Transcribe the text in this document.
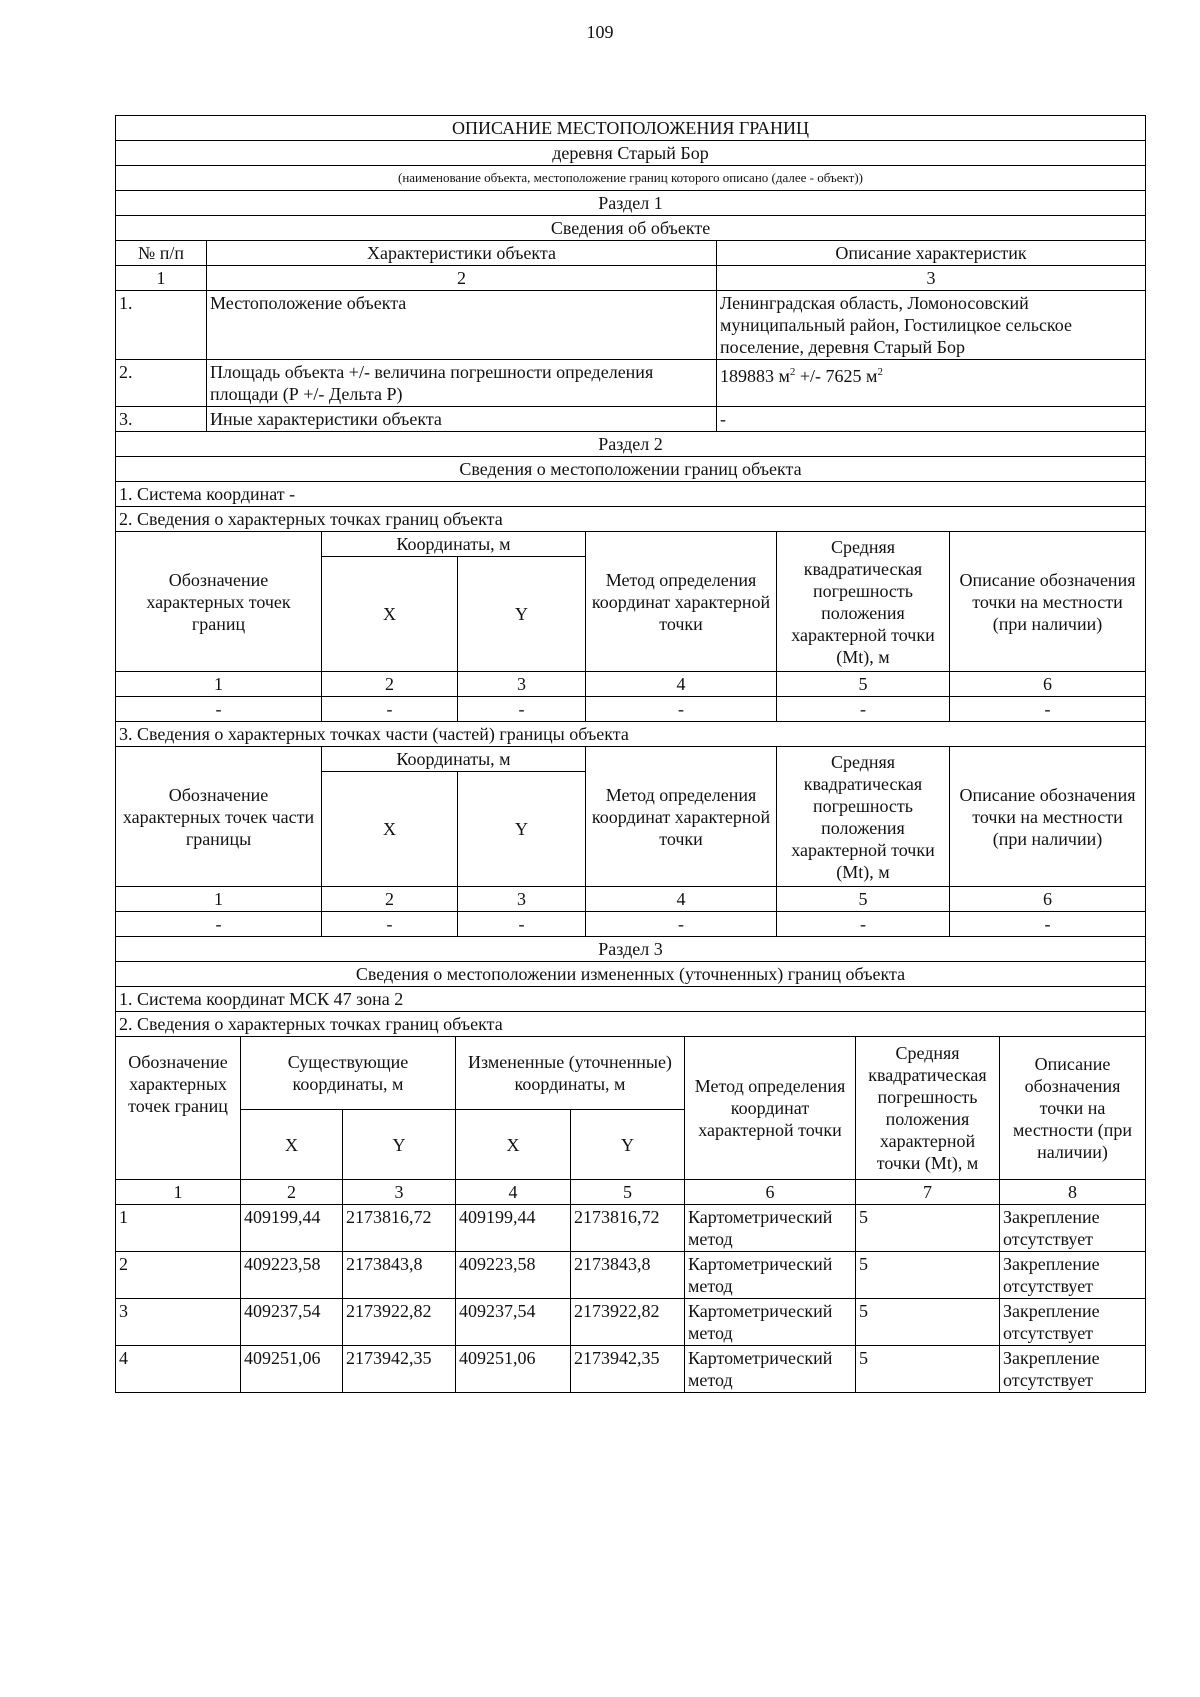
109
ОПИСАНИЕ МЕСТОПОЛОЖЕНИЯ ГРАНИЦ		
деревня Старый Бор		
(наименование объекта, местоположение границ которого описано (далее - объект))		
Раздел 1		
Сведения об объекте		
№ п/п	Характеристики объекта	Описание характеристик
1	2	3
1.	Местоположение объекта	Ленинградская область, Ломоносовский муниципальный район, Гостилицкое сельское поселение, деревня Старый Бор
2.	Площадь объекта +/- величина погрешности определения площади (Р +/- Дельта Р)	189883 $м^2$ +/- 7625 $м^2$
3.	Иные характеристики объекта	-
Раздел 2					
Сведения о местоположении границ объекта					
1. Система координат -					
2. Сведения о характерных точках границ объекта					
Обозначение характерных точек границ	Координаты, м		Метод определения координат характерной точки	Средняя квадратическая погрешность положения характерной точки (Mt), м	Описание обозначения точки на местности (при наличии)
	X	Y			
1	2	3	4	5	6
-	-	-	-	-	-
3. Сведения о характерных точках части (частей) границы объекта					
Обозначение характерных точек части границы	Координаты, м		Метод определения координат характерной точки	Средняя квадратическая погрешность положения характерной точки (Mt), м	Описание обозначения точки на местности (при наличии)
	X	Y			
1	2	3	4	5	6
-	-	-	-	-	-
Раздел 3							
Сведения о местоположении измененных (уточненных) границ объекта							
1. Система координат МСК 47 зона 2							
2. Сведения о характерных точках границ объекта							
Обозначение характерных точек границ	Существующие координаты, м		Измененные (уточненные) координаты, м		Метод определения координат характерной точки	Средняя квадратическая погрешность положения характерной точки (Mt), м	Описание обозначения точки на местности (при наличии)
	X	Y	X	Y			
1	2	3	4	5	6	7	8
1	409199,44	2173816,72	409199,44	2173816,72	Картометрический метод	5	Закрепление отсутствует
2	409223,58	2173843,8	409223,58	2173843,8	Картометрический метод	5	Закрепление отсутствует
3	409237,54	2173922,82	409237,54	2173922,82	Картометрический метод	5	Закрепление отсутствует
4	409251,06	2173942,35	409251,06	2173942,35	Картометрический метод	5	Закрепление отсутствует
